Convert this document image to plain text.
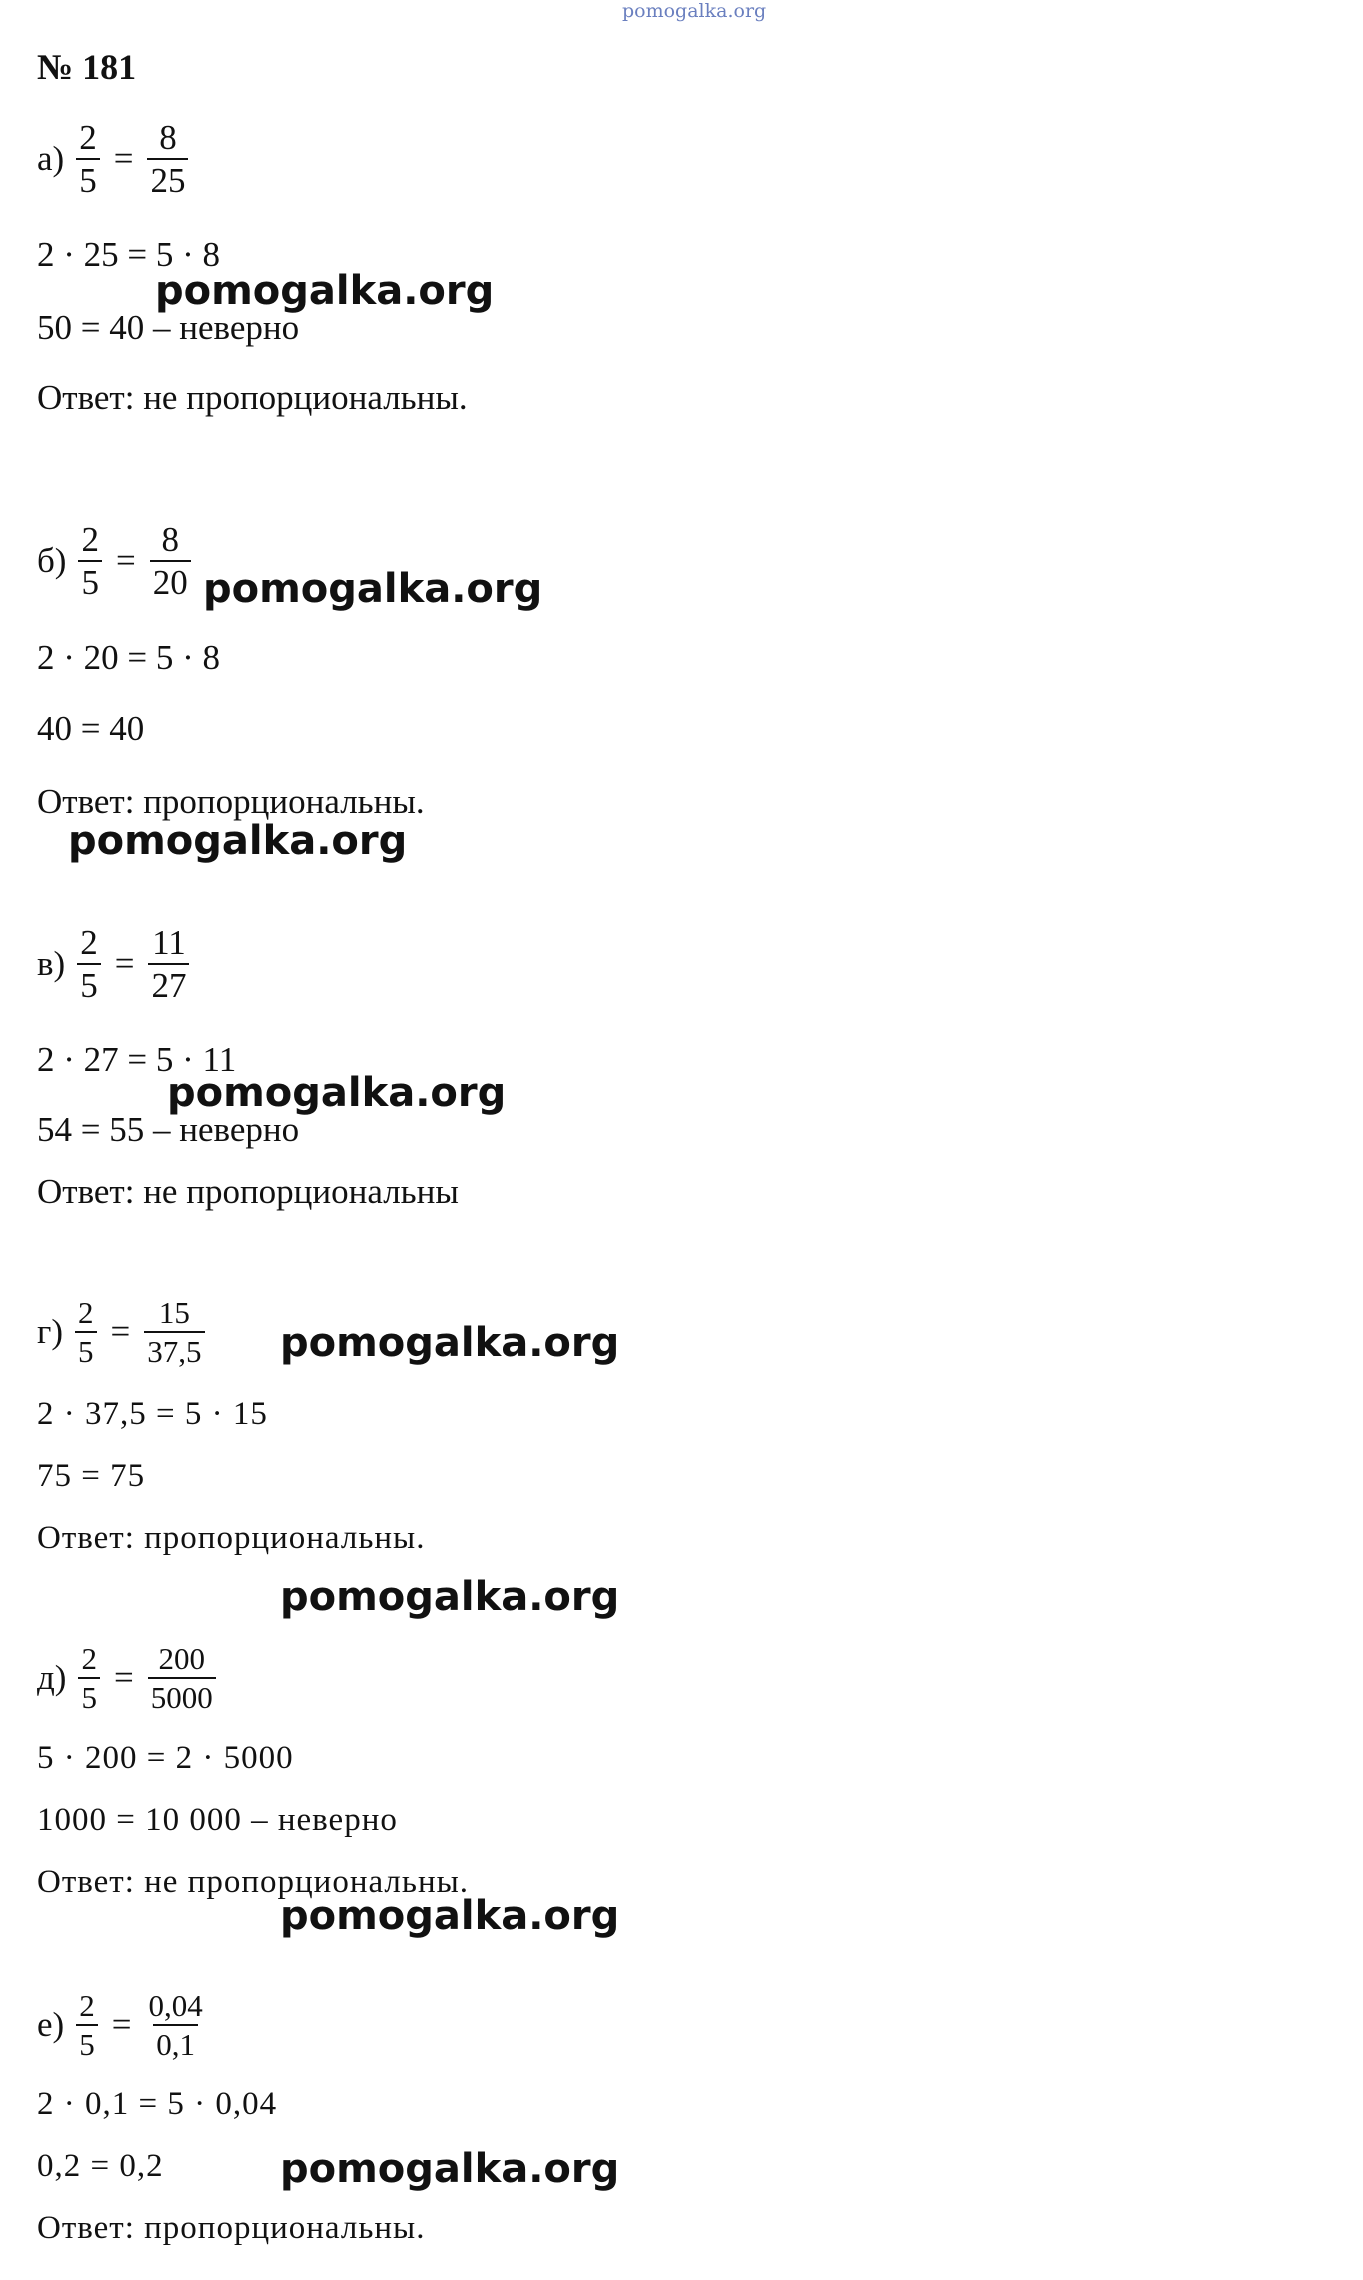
pomogalka.org
№ 181
$а) \frac{2}{5} = \frac{8}{25}$
2 · 25 = 5 · 8
pomogalka.org
50 = 40 – неверно
Ответ: не пропорциональны.
$б) \frac{2}{5} = \frac{8}{20}$ pomogalka.org
2 · 20 = 5 · 8
40 = 40
Ответ: пропорциональны.
pomogalka.org
$в) \frac{2}{5} = \frac{11}{27}$
2 · 27 = 5 · 11
pomogalka.org
54 = 55 – неверно
Ответ: не пропорциональны
$г) \frac{2}{5} = \frac{15}{37,5}$ pomogalka.org
2 · 37,5 = 5 · 15
75 = 75
Ответ: пропорциональны.
pomogalka.org
$д) \frac{2}{5} = \frac{200}{5000}$
5 · 200 = 2 · 5000
1000 = 10 000 – неверно
Ответ: не пропорциональны.
pomogalka.org
$е) \frac{2}{5} = \frac{0,04}{0,1}$
2 · 0,1 = 5 · 0,04
0,2 = 0,2	pomogalka.org
Ответ: пропорциональны.
